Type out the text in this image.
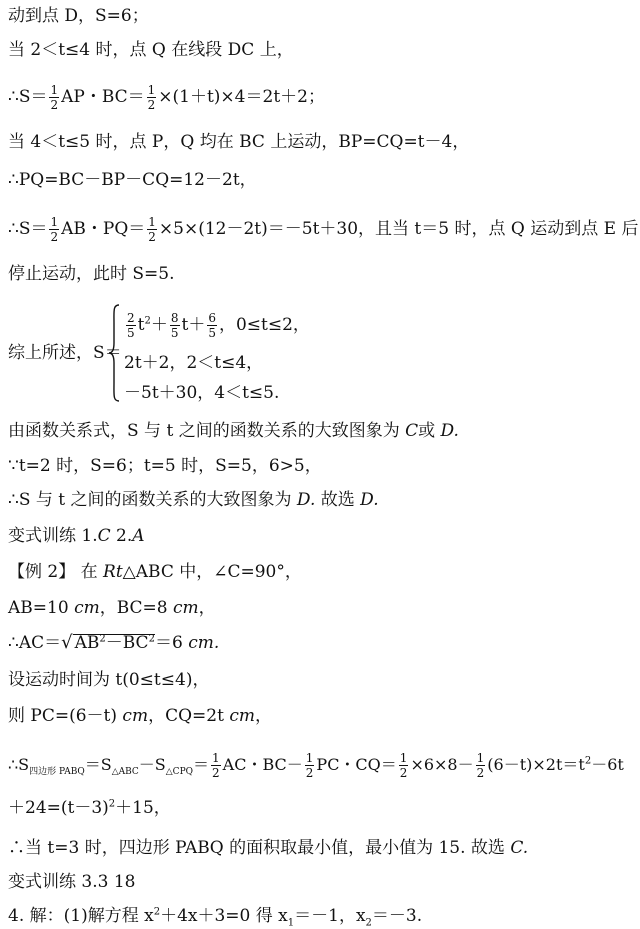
动到点 D，S=6；
当 2＜t≤4 时，点 Q 在线段 DC 上，
∴S＝ $\frac{1}{2}$ AP・$BC= \frac{1}{2} \times(1+t)\times 4=2t+2$；
当 4＜t≤5 时，点 P，Q 均在 BC 上运动，BP=CQ=t－4，
∴PQ=BC－BP－CQ=12－2t，
∴S＝ $\frac{1}{2}$ AB・$PQ= \frac{1}{2} \times 5\times(12-2t)=-5t+30$，且当 t＝5 时，点 Q 运动到点 E 后
停止运动，此时 S=5.
综上所述，S＝
$\frac{2}{5} t^2+ \frac{8}{5} t+ \frac{6}{5}$ ，0≤t≤2，
2t＋2，2＜t≤4，
－5t＋30，4＜t≤5.
由函数关系式，S 与 t 之间的函数关系的大致图象为 C或 D.
∵t=2 时，S=6；t=5 时，S=5，6>5，
∴S 与 t 之间的函数关系的大致图象为 D. 故选 D.
变式训练 1.C 2.A
【例 2】 在 Rt△ABC 中，∠C=90°，
AB=10 cm，BC=8 cm，
∴AC＝√ $AB^2-BC^2=6$ cm.
设运动时间为 t(0≤t≤4)，
则 PC=(6－t) cm，CQ=2t cm，
$\therefore S_{四边形 PABQ}=S_{\triangle ABC}-S_{\triangle CPQ}= \frac{1}{2}$ AC・$BC- \frac{1}{2}$ PC・$CQ= \frac{1}{2} \times 6\times 8- \frac{1}{2} (6-t)\times 2t=t^2-6t$
$+24=(t-3)^2+15$，
∴当 t=3 时，四边形 PABQ 的面积取最小值，最小值为 15. 故选 C.
变式训练 3.3 18
4. 解：(1)解方程 $x^2+4x+3=0$ 得 $x_1=-1$，$x_2=-3$.
